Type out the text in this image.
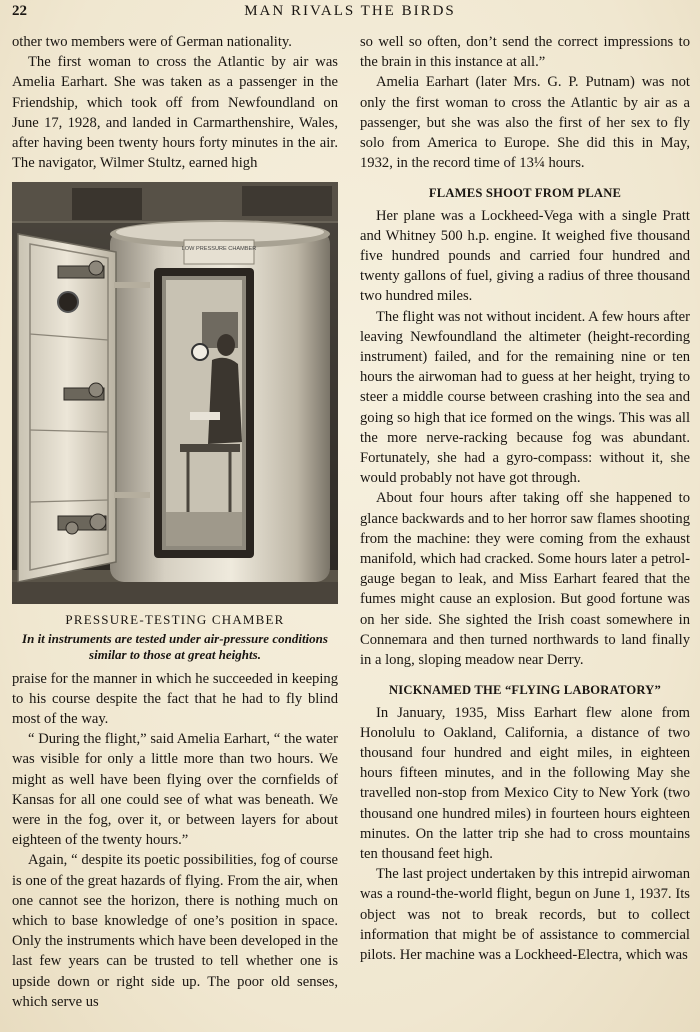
22	MAN RIVALS THE BIRDS

other two members were of German nationality.

The first woman to cross the Atlantic by air was Amelia Earhart. She was taken as a passenger in the Friendship, which took off from Newfoundland on June 17, 1928, and landed in Carmarthenshire, Wales, after having been twenty hours forty minutes in the air. The navigator, Wilmer Stultz, earned high

LOW PRESSURE CHAMBER
PRESSURE-TESTING CHAMBER
In it instruments are tested under air-pressure conditions similar to those at great heights.

praise for the manner in which he succeeded in keeping to his course despite the fact that he had to fly blind most of the way.

“ During the flight,” said Amelia Earhart, “ the water was visible for only a little more than two hours. We might as well have been flying over the cornfields of Kansas for all one could see of what was beneath. We were in the fog, over it, or between layers for about eighteen of the twenty hours.”

Again, “ despite its poetic possibilities, fog of course is one of the great hazards of flying. From the air, when one cannot see the horizon, there is nothing much on which to base knowledge of one’s position in space. Only the instruments which have been developed in the last few years can be trusted to tell whether one is upside down or right side up. The poor old senses, which serve us

so well so often, don’t send the correct impressions to the brain in this instance at all.”

Amelia Earhart (later Mrs. G. P. Putnam) was not only the first woman to cross the Atlantic by air as a passenger, but she was also the first of her sex to fly solo from America to Europe. She did this in May, 1932, in the record time of 13¼ hours.

FLAMES SHOOT FROM PLANE

Her plane was a Lockheed-Vega with a single Pratt and Whitney 500 h.p. engine. It weighed five thousand five hundred pounds and carried four hundred and twenty gallons of fuel, giving a radius of three thousand two hundred miles.

The flight was not without incident. A few hours after leaving Newfoundland the altimeter (height-recording instrument) failed, and for the remaining nine or ten hours the airwoman had to guess at her height, trying to steer a middle course between crashing into the sea and going so high that ice formed on the wings. This was all the more nerve-racking because fog was abundant. Fortunately, she had a gyro-compass: without it, she would probably not have got through.

About four hours after taking off she happened to glance backwards and to her horror saw flames shooting from the machine: they were coming from the exhaust manifold, which had cracked. Some hours later a petrol-gauge began to leak, and Miss Earhart feared that the fumes might cause an explosion. But good fortune was on her side. She sighted the Irish coast somewhere in Connemara and then turned northwards to land finally in a long, sloping meadow near Derry.

NICKNAMED THE “FLYING LABORATORY”

In January, 1935, Miss Earhart flew alone from Honolulu to Oakland, California, a distance of two thousand four hundred and eight miles, in eighteen hours fifteen minutes, and in the following May she travelled non-stop from Mexico City to New York (two thousand one hundred miles) in fourteen hours eighteen minutes. On the latter trip she had to cross mountains ten thousand feet high.

The last project undertaken by this intrepid airwoman was a round-the-world flight, begun on June 1, 1937. Its object was not to break records, but to collect information that might be of assistance to commercial pilots. Her machine was a Lockheed-Electra, which was
